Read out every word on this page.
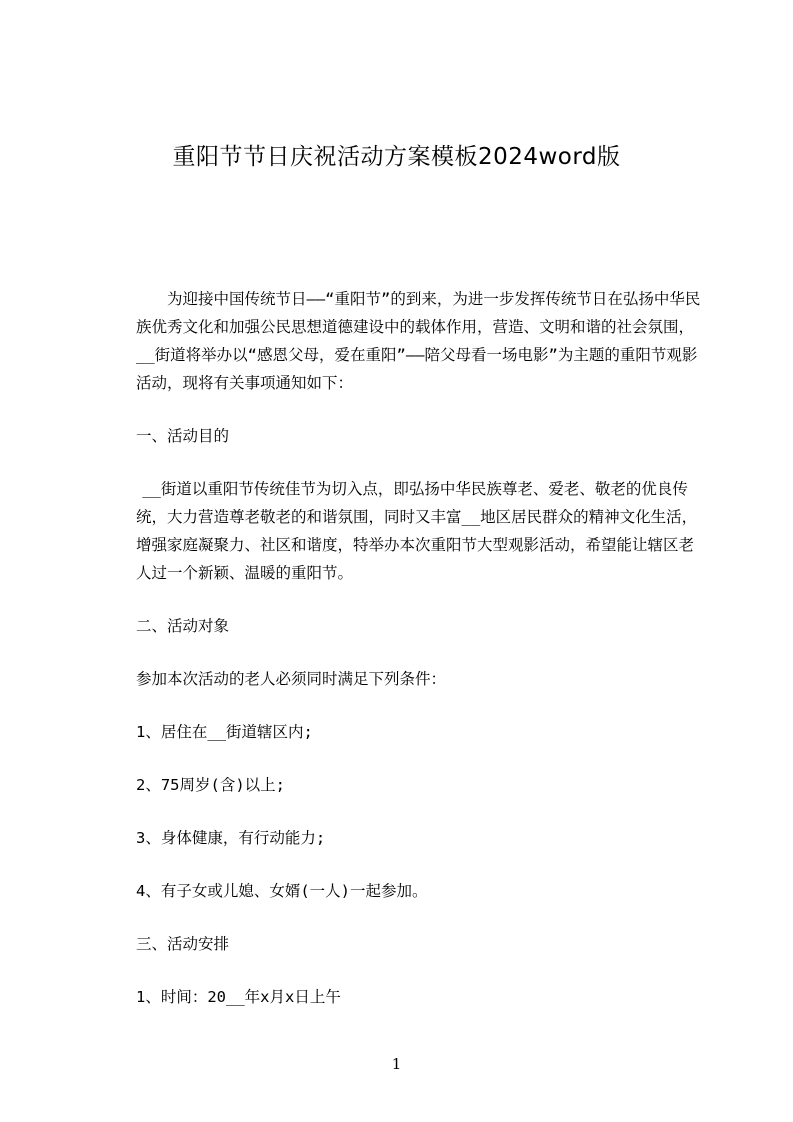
重阳节节日庆祝活动方案模板2024word版

为迎接中国传统节日——“重阳节”的到来，为进一步发挥传统节日在弘扬中华民族优秀文化和加强公民思想道德建设中的载体作用，营造、文明和谐的社会氛围，__街道将举办以“感恩父母，爱在重阳”——陪父母看一场电影”为主题的重阳节观影活动，现将有关事项通知如下：

一、活动目的

__街道以重阳节传统佳节为切入点，即弘扬中华民族尊老、爱老、敬老的优良传统，大力营造尊老敬老的和谐氛围，同时又丰富__地区居民群众的精神文化生活，增强家庭凝聚力、社区和谐度，特举办本次重阳节大型观影活动，希望能让辖区老人过一个新颖、温暖的重阳节。

二、活动对象

参加本次活动的老人必须同时满足下列条件：

1、居住在__街道辖区内;

2、75周岁(含)以上;

3、身体健康，有行动能力;

4、有子女或儿媳、女婿(一人)一起参加。

三、活动安排

1、时间：20__年x月x日上午

1
